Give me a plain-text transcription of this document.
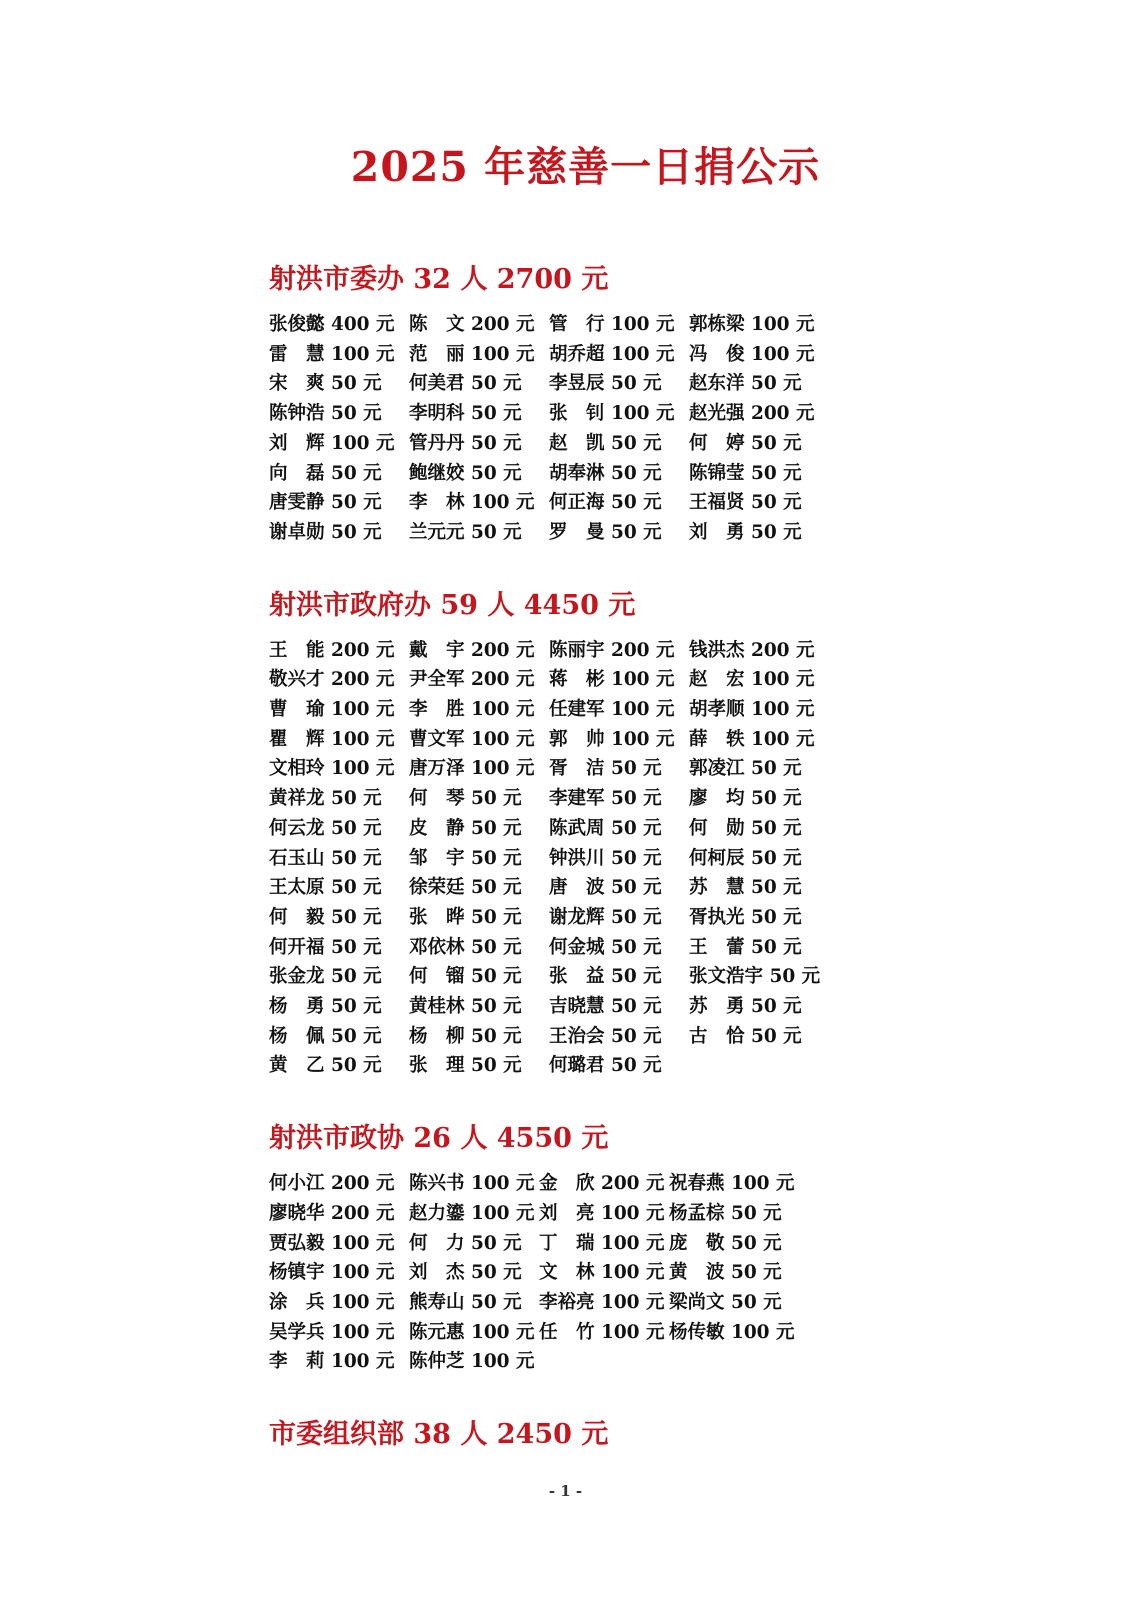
2025 年慈善一日捐公示
射洪市委办 32 人 2700 元
张俊懿 400 元 陈　文 200 元 管　行 100 元 郭栋梁 100 元
雷　慧 100 元 范　丽 100 元 胡乔超 100 元 冯　俊 100 元
宋　爽 50 元	何美君 50 元	李昱辰 50 元	赵东洋 50 元
陈钟浩 50 元	李明科 50 元	张　钊 100 元 赵光强 200 元
刘　辉 100 元 管丹丹 50 元	赵　凯 50 元	何　婷 50 元
向　磊 50 元	鲍继姣 50 元	胡奉淋 50 元	陈锦莹 50 元
唐雯静 50 元	李　林 100 元 何正海 50 元	王福贤 50 元
谢卓勋 50 元	兰元元 50 元	罗　曼 50 元	刘　勇 50 元
射洪市政府办 59 人 4450 元
王　能 200 元 戴　宇 200 元 陈丽宇 200 元 钱洪杰 200 元
敬兴才 200 元 尹全军 200 元 蒋　彬 100 元 赵　宏 100 元
曹　瑜 100 元 李　胜 100 元 任建军 100 元 胡孝顺 100 元
瞿　辉 100 元 曹文军 100 元 郭　帅 100 元 薛　轶 100 元
文相玲 100 元 唐万泽 100 元 胥　洁 50 元	郭凌江 50 元
黄祥龙 50 元	何　琴 50 元	李建军 50 元	廖　均 50 元
何云龙 50 元	皮　静 50 元	陈武周 50 元	何　勋 50 元
石玉山 50 元	邹　宇 50 元	钟洪川 50 元	何柯辰 50 元
王太原 50 元	徐荣廷 50 元	唐　波 50 元	苏　慧 50 元
何　毅 50 元	张　晔 50 元	谢龙辉 50 元	胥执光 50 元
何开福 50 元	邓依林 50 元	何金城 50 元	王　蕾 50 元
张金龙 50 元	何　镏 50 元	张　益 50 元	张文浩宇 50 元
杨　勇 50 元	黄桂林 50 元	吉晓慧 50 元	苏　勇 50 元
杨　佩 50 元	杨　柳 50 元	王治会 50 元	古　恰 50 元
黄　乙 50 元	张　理 50 元	何璐君 50 元
射洪市政协 26 人 4550 元
何小江 200 元 陈兴书 100 元 金　欣 200 元 祝春燕 100 元
廖晓华 200 元 赵力鎏 100 元 刘　亮 100 元 杨孟棕 50 元
贾弘毅 100 元 何　力 50 元 丁　瑞 100 元 庞　敬 50 元
杨镇宇 100 元 刘　杰 50 元 文　林 100 元 黄　波 50 元
涂　兵 100 元 熊寿山 50 元 李裕亮 100 元 梁尚文 50 元
吴学兵 100 元 陈元惠 100 元 任　竹 100 元 杨传敏 100 元
李　莉 100 元 陈仲芝 100 元
市委组织部 38 人 2450 元
- 1 -
